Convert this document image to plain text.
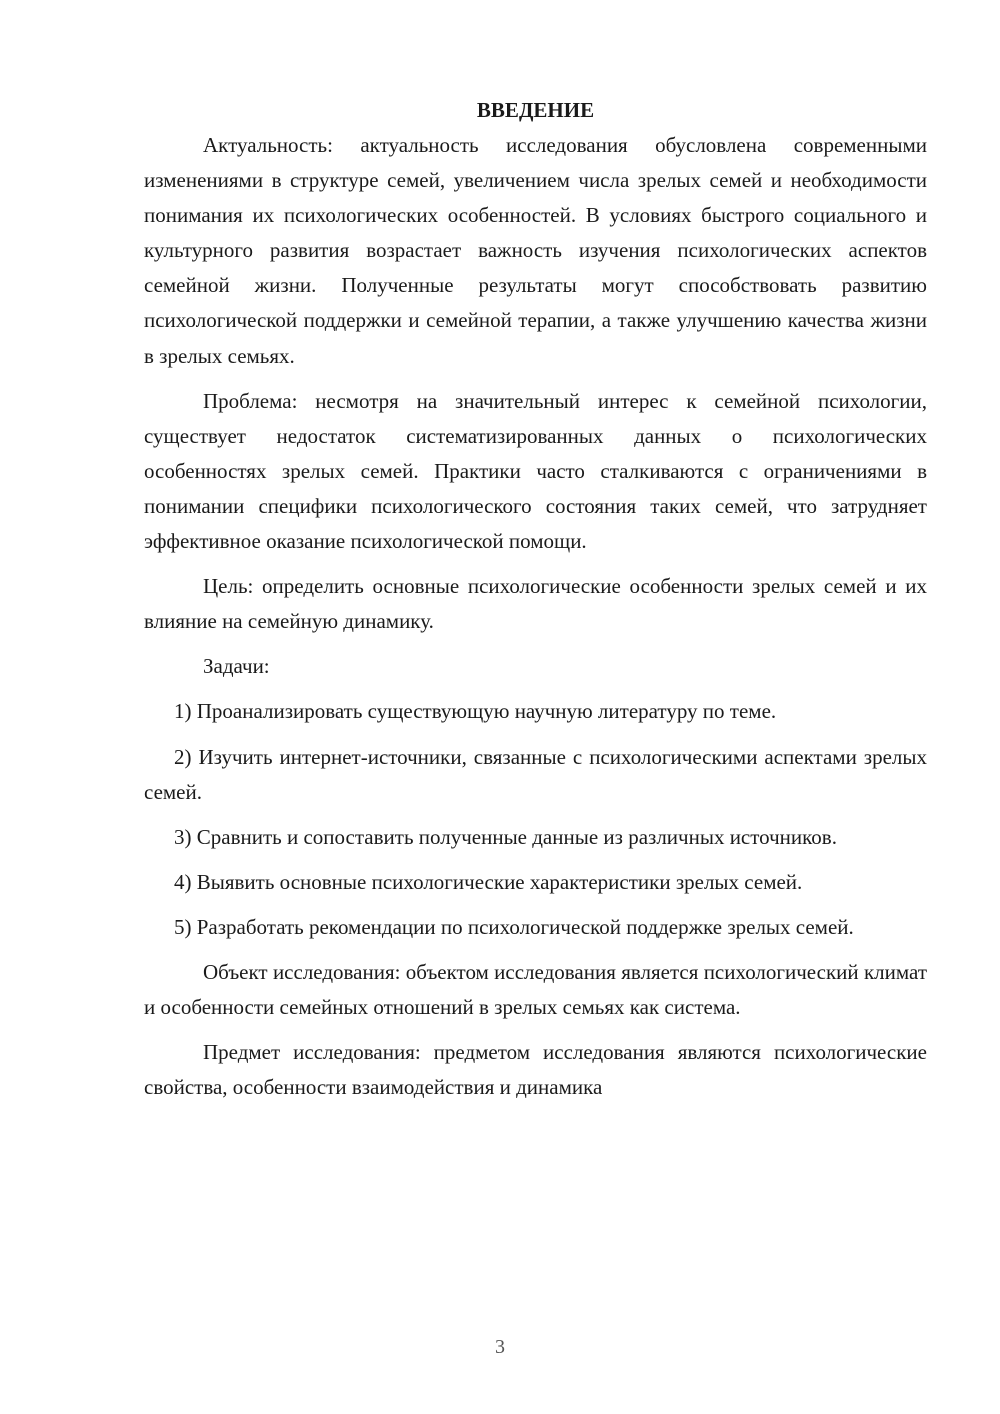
ВВЕДЕНИЕ

Актуальность: актуальность исследования обусловлена современными изменениями в структуре семей, увеличением числа зрелых семей и необходимости понимания их психологических особенностей. В условиях быстрого социального и культурного развития возрастает важность изучения психологических аспектов семейной жизни. Полученные результаты могут способствовать развитию психологической поддержки и семейной терапии, а также улучшению качества жизни в зрелых семьях.

Проблема: несмотря на значительный интерес к семейной психологии, существует недостаток систематизированных данных о психологических особенностях зрелых семей. Практики часто сталкиваются с ограничениями в понимании специфики психологического состояния таких семей, что затрудняет эффективное оказание психологической помощи.

Цель: определить основные психологические особенности зрелых семей и их влияние на семейную динамику.

Задачи:

1) Проанализировать существующую научную литературу по теме.

2) Изучить интернет-источники, связанные с психологическими аспектами зрелых семей.

3) Сравнить и сопоставить полученные данные из различных источников.

4) Выявить основные психологические характеристики зрелых семей.

5) Разработать рекомендации по психологической поддержке зрелых семей.

Объект исследования: объектом исследования является психологический климат и особенности семейных отношений в зрелых семьях как система.

Предмет исследования: предметом исследования являются психологические свойства, особенности взаимодействия и динамика

3
